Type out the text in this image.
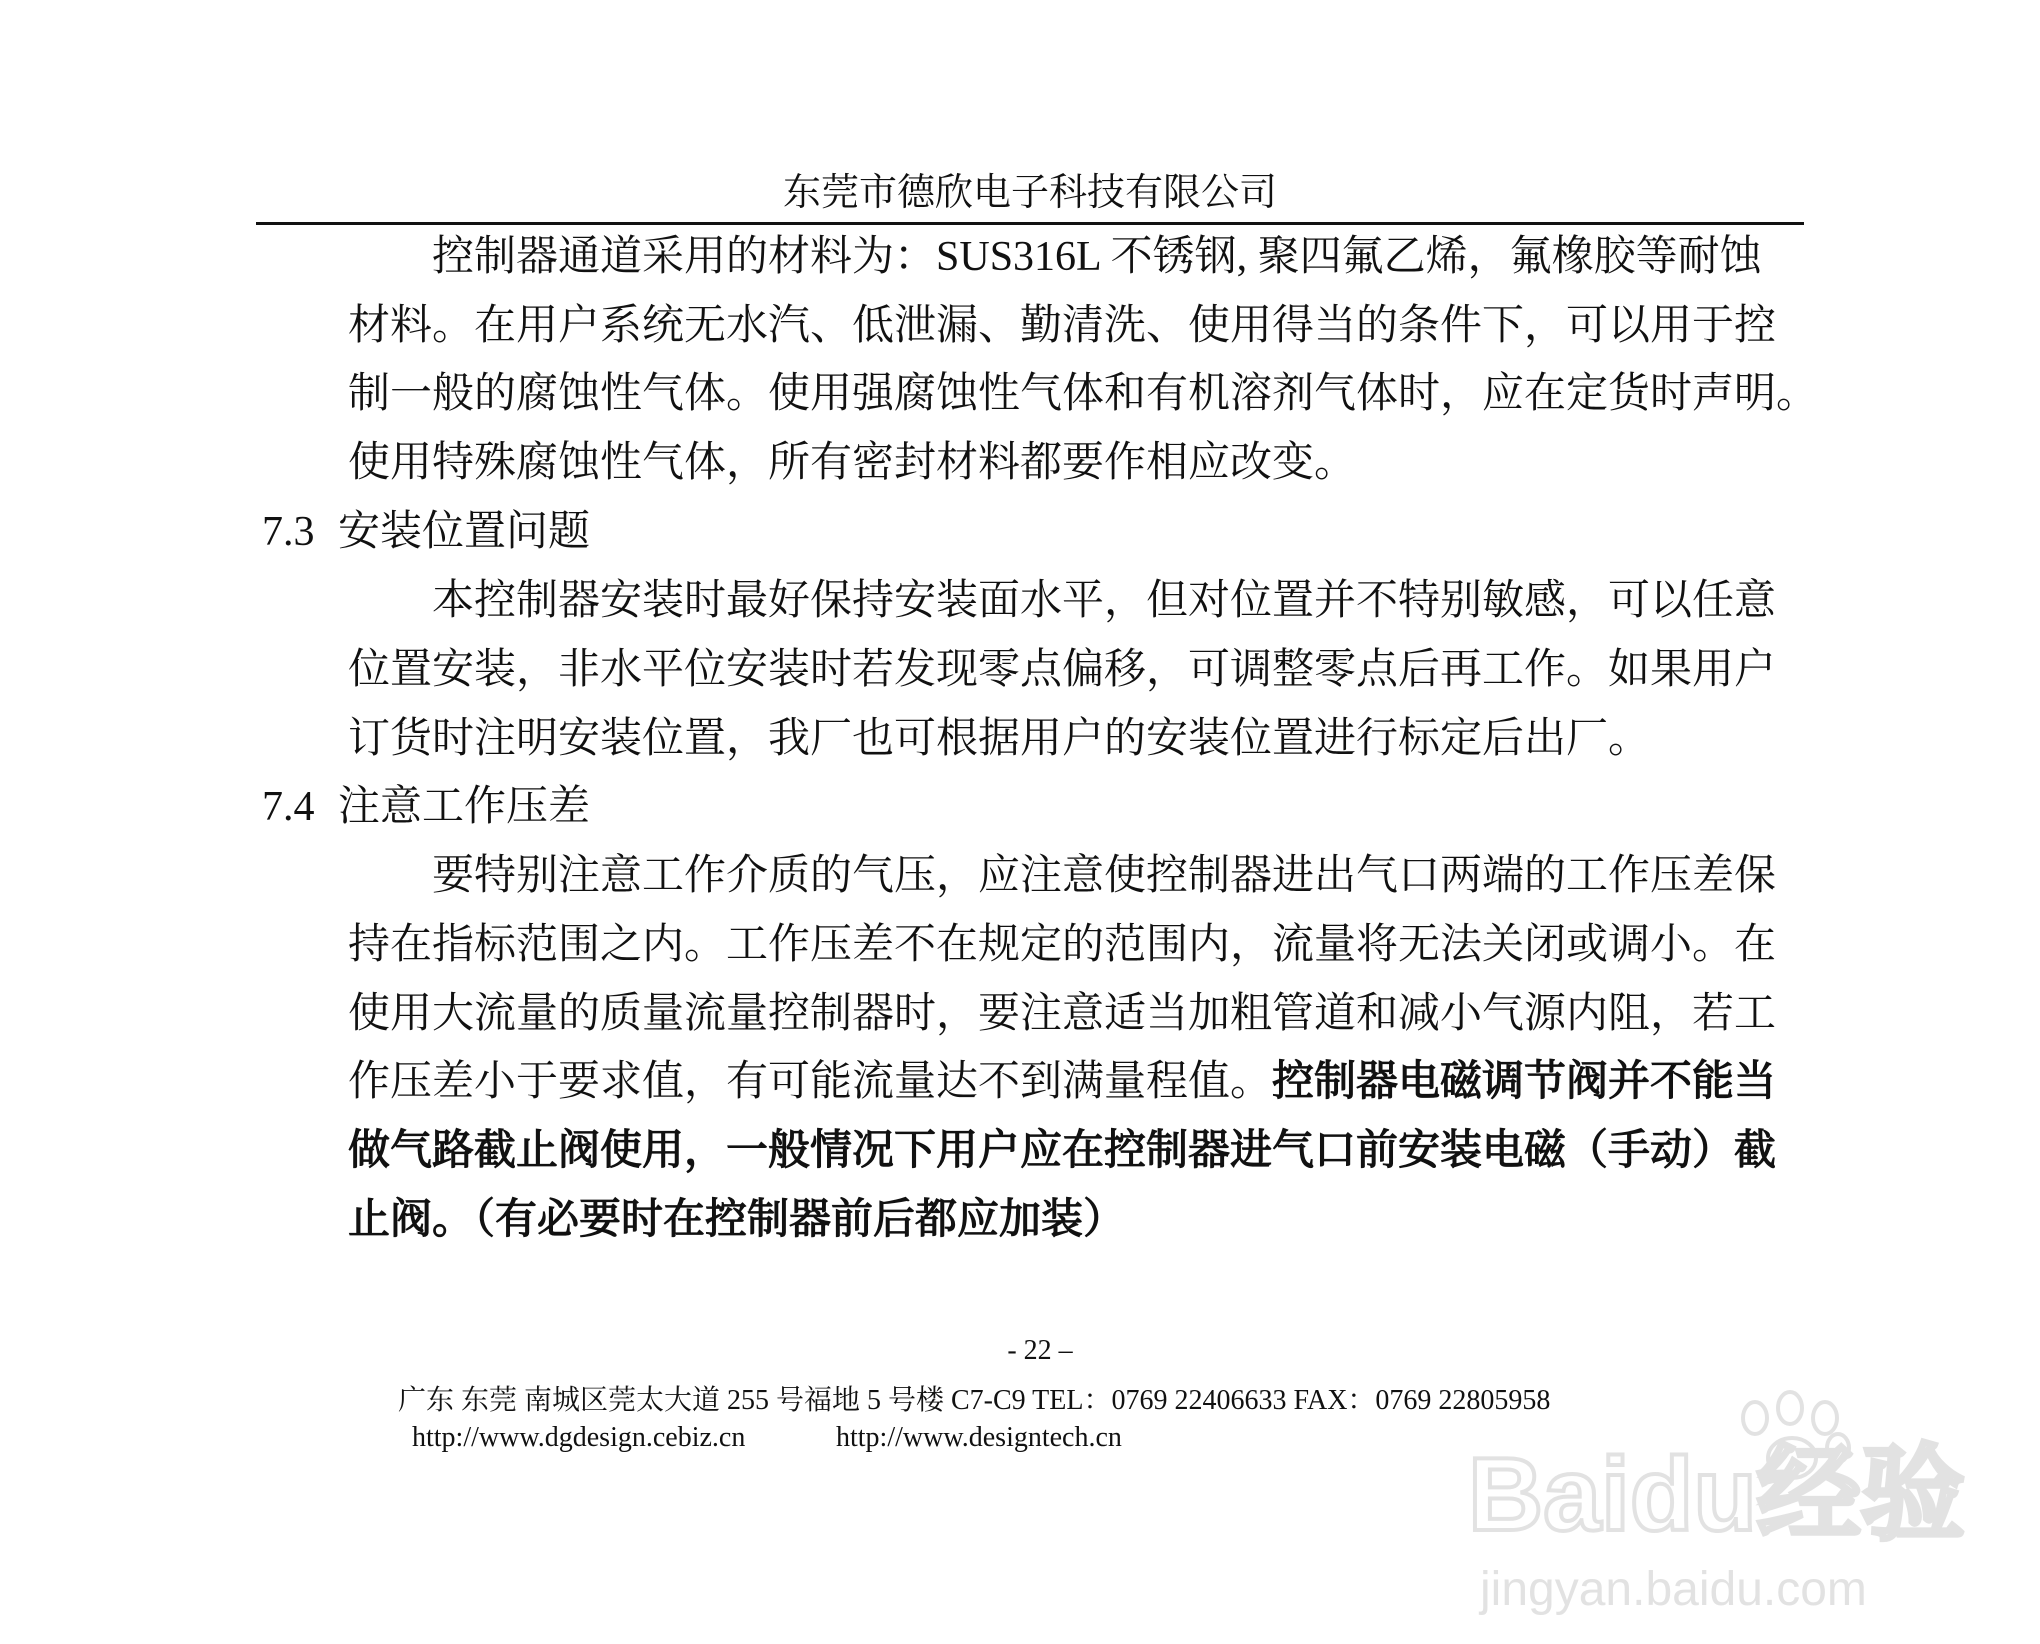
东莞市德欣电子科技有限公司

控制器通道采用的材料为：SUS316L 不锈钢, 聚四氟乙烯，氟橡胶等耐蚀

材料。在用户系统无水汽、低泄漏、勤清洗、使用得当的条件下，可以用于控

制一般的腐蚀性气体。使用强腐蚀性气体和有机溶剂气体时，应在定货时声明。

使用特殊腐蚀性气体，所有密封材料都要作相应改变。

7.3 安装位置问题

本控制器安装时最好保持安装面水平，但对位置并不特别敏感，可以任意

位置安装，非水平位安装时若发现零点偏移，可调整零点后再工作。如果用户

订货时注明安装位置，我厂也可根据用户的安装位置进行标定后出厂。

7.4 注意工作压差

要特别注意工作介质的气压，应注意使控制器进出气口两端的工作压差保

持在指标范围之内。工作压差不在规定的范围内，流量将无法关闭或调小。在

使用大流量的质量流量控制器时，要注意适当加粗管道和减小气源内阻，若工

作压差小于要求值，有可能流量达不到满量程值。控制器电磁调节阀并不能当

做气路截止阀使用，一般情况下用户应在控制器进气口前安装电磁（手动）截

止阀。（有必要时在控制器前后都应加装）

- 22 –
广东 东莞 南城区莞太大道 255 号福地 5 号楼 C7-C9 TEL：0769 22406633 FAX：0769 22805958
http://www.dgdesign.cebiz.cn	http://www.designtech.cn	Baidu经验
jingyan.baidu.com
